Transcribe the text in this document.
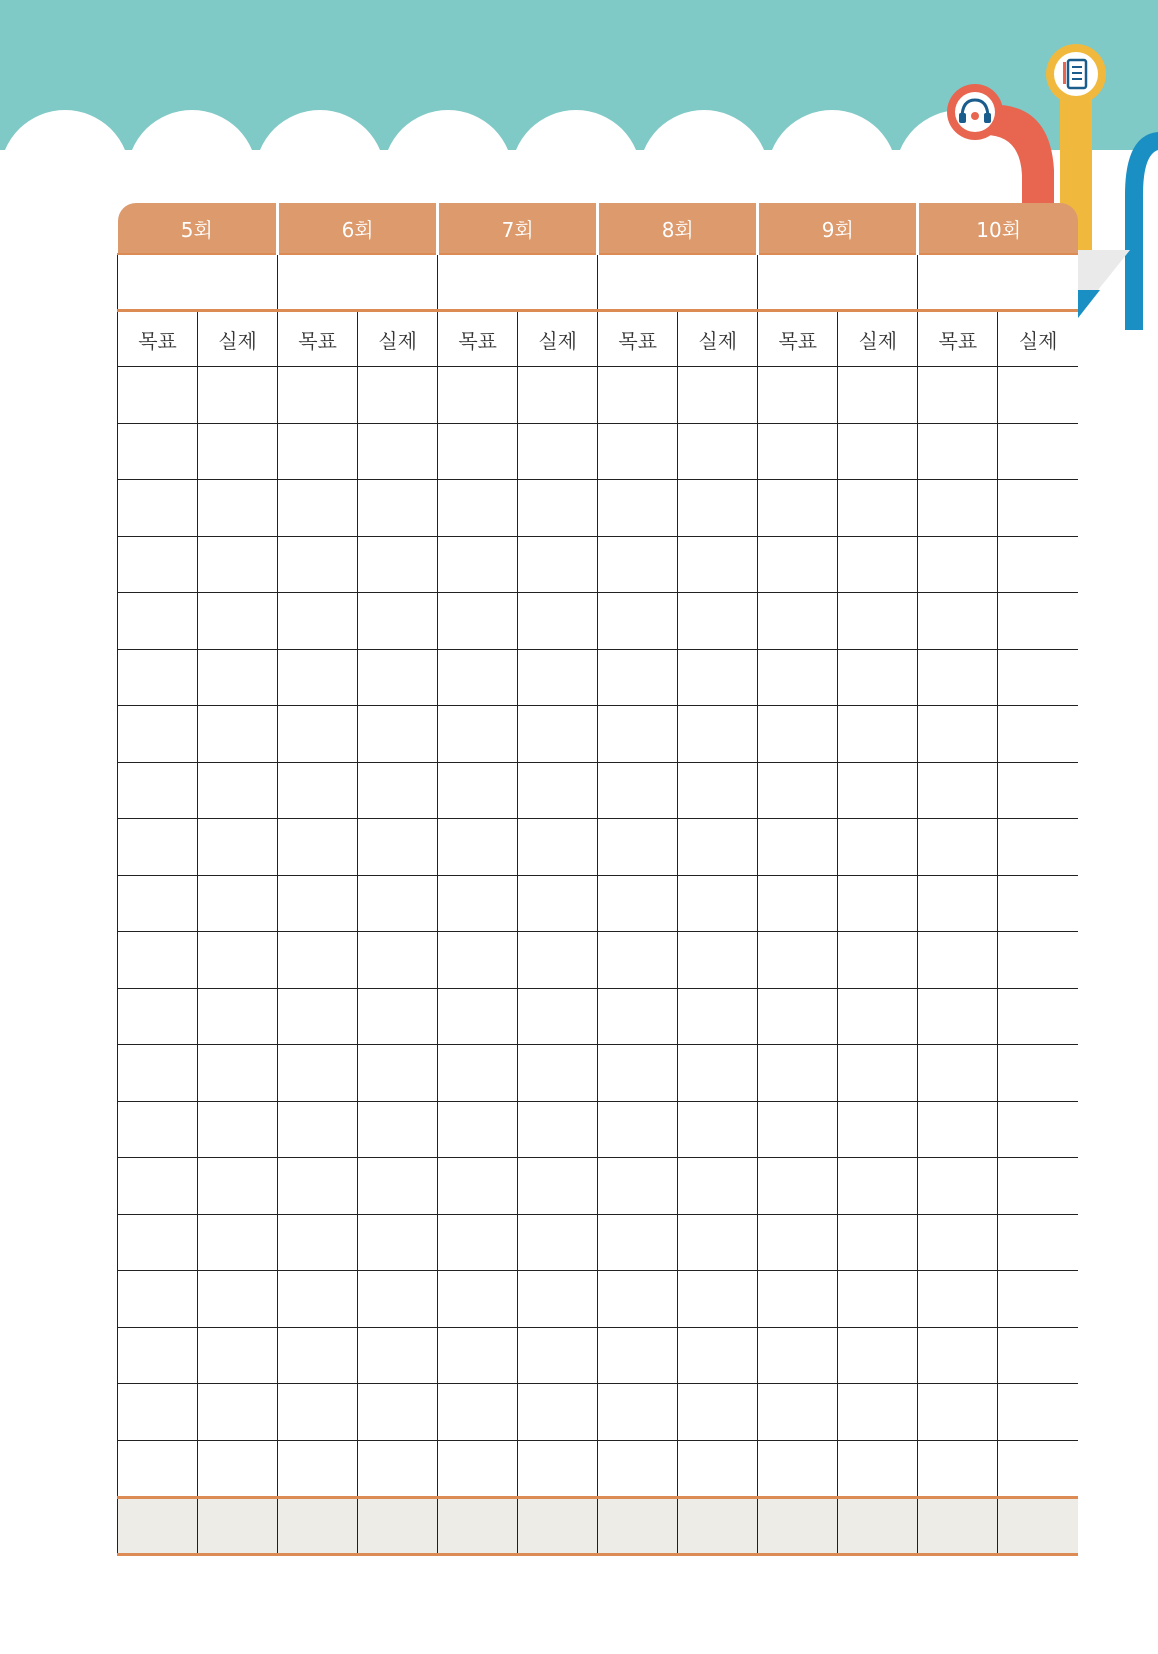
5회		6회		7회		8회		9회		10회	

목표	실제	목표	실제	목표	실제	목표	실제	목표	실제	목표	실제
